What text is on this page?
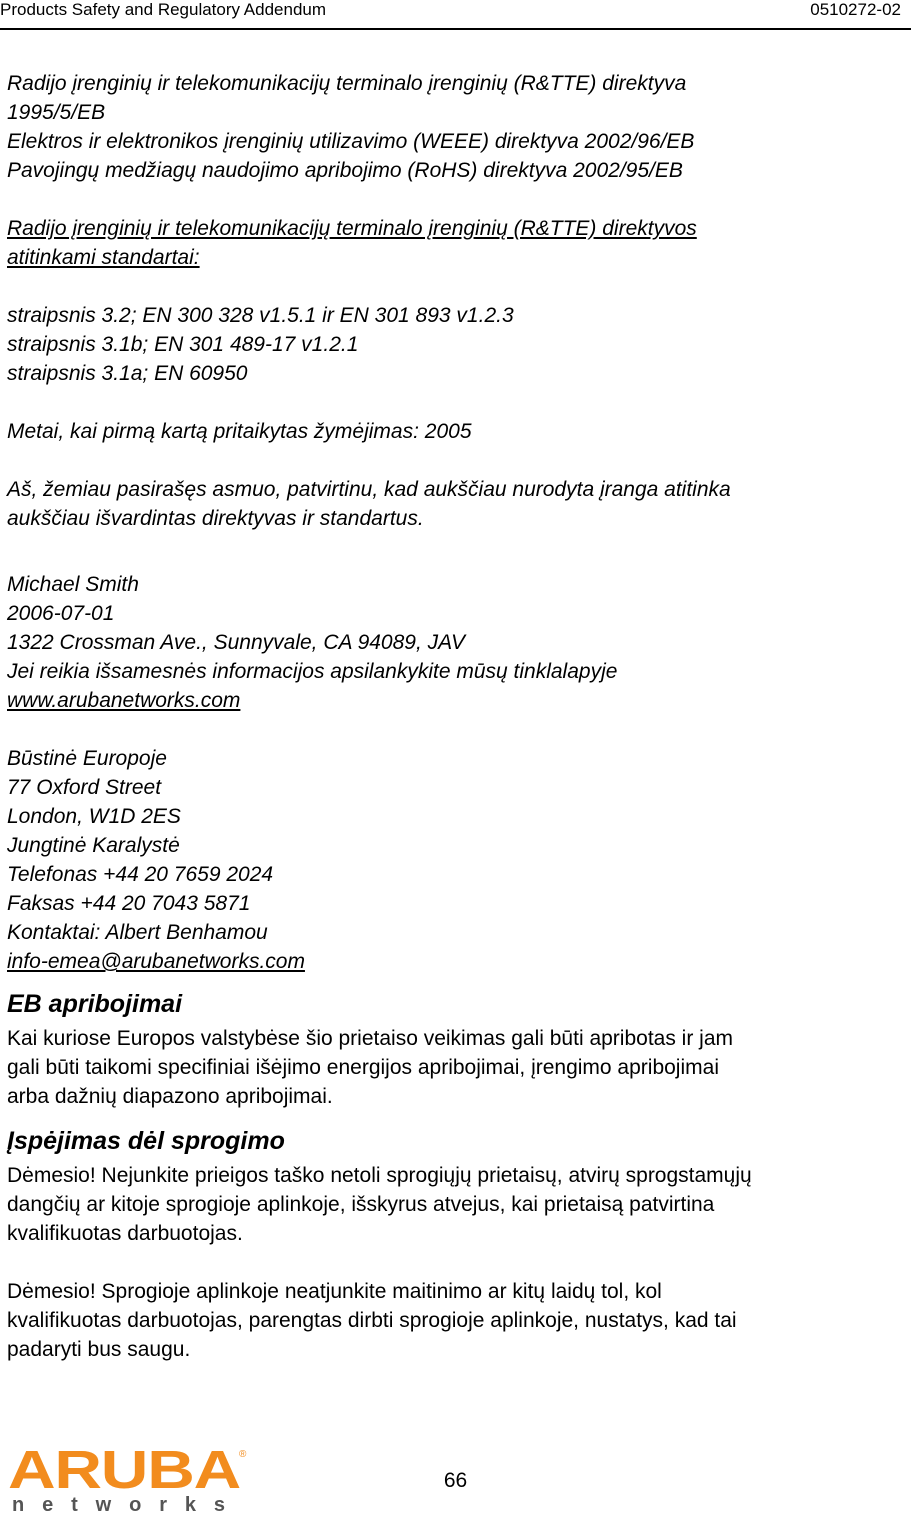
Products Safety and Regulatory Addendum	0510272-02

Radijo įrenginių ir telekomunikacijų terminalo įrenginių (R&TTE) direktyva

1995/5/EB

Elektros ir elektronikos įrenginių utilizavimo (WEEE) direktyva 2002/96/EB

Pavojingų medžiagų naudojimo apribojimo (RoHS) direktyva 2002/95/EB

Radijo įrenginių ir telekomunikacijų terminalo įrenginių (R&TTE) direktyvos

atitinkami standartai:

straipsnis 3.2; EN 300 328 v1.5.1 ir EN 301 893 v1.2.3

straipsnis 3.1b; EN 301 489-17 v1.2.1

straipsnis 3.1a; EN 60950

Metai, kai pirmą kartą pritaikytas žymėjimas: 2005

Aš, žemiau pasirašęs asmuo, patvirtinu, kad aukščiau nurodyta įranga atitinka

aukščiau išvardintas direktyvas ir standartus.

Michael Smith

2006-07-01

1322 Crossman Ave., Sunnyvale, CA 94089, JAV

Jei reikia išsamesnės informacijos apsilankykite mūsų tinklalapyje

www.arubanetworks.com

Būstinė Europoje

77 Oxford Street

London, W1D 2ES

Jungtinė Karalystė

Telefonas +44 20 7659 2024

Faksas +44 20 7043 5871

Kontaktai: Albert Benhamou

info-emea@arubanetworks.com

EB apribojimai

Kai kuriose Europos valstybėse šio prietaiso veikimas gali būti apribotas ir jam

gali būti taikomi specifiniai išėjimo energijos apribojimai, įrengimo apribojimai

arba dažnių diapazono apribojimai.

Įspėjimas dėl sprogimo

Dėmesio! Nejunkite prieigos taško netoli sprogiųjų prietaisų, atvirų sprogstamųjų

dangčių ar kitoje sprogioje aplinkoje, išskyrus atvejus, kai prietaisą patvirtina

kvalifikuotas darbuotojas.

Dėmesio! Sprogioje aplinkoje neatjunkite maitinimo ar kitų laidų tol, kol

kvalifikuotas darbuotojas, parengtas dirbti sprogioje aplinkoje, nustatys, kad tai

padaryti bus saugu.

ARUBA ®
networks
66
